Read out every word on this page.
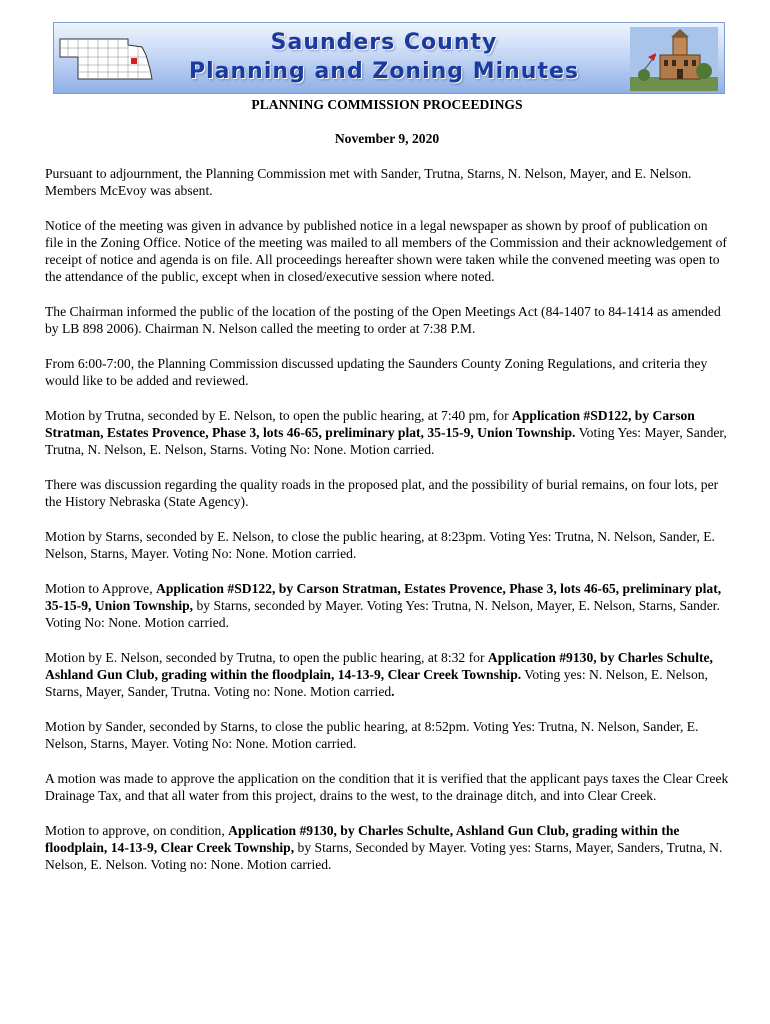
Saunders County
Planning and Zoning Minutes

PLANNING COMMISSION PROCEEDINGS

November 9, 2020

Pursuant to adjournment, the Planning Commission met with Sander, Trutna, Starns, N. Nelson, Mayer, and E. Nelson. Members McEvoy was absent.

Notice of the meeting was given in advance by published notice in a legal newspaper as shown by proof of publication on file in the Zoning Office. Notice of the meeting was mailed to all members of the Commission and their acknowledgement of receipt of notice and agenda is on file. All proceedings hereafter shown were taken while the convened meeting was open to the attendance of the public, except when in closed/executive session where noted.

The Chairman informed the public of the location of the posting of the Open Meetings Act (84-1407 to 84-1414 as amended by LB 898 2006). Chairman N. Nelson called the meeting to order at 7:38 P.M.

From 6:00-7:00, the Planning Commission discussed updating the Saunders County Zoning Regulations, and criteria they would like to be added and reviewed.

Motion by Trutna, seconded by E. Nelson, to open the public hearing, at 7:40 pm, for Application #SD122, by Carson Stratman, Estates Provence, Phase 3, lots 46-65, preliminary plat, 35-15-9, Union Township. Voting Yes: Mayer, Sander, Trutna, N. Nelson, E. Nelson, Starns. Voting No: None. Motion carried.

There was discussion regarding the quality roads in the proposed plat, and the possibility of burial remains, on four lots, per the History Nebraska (State Agency).

Motion by Starns, seconded by E. Nelson, to close the public hearing, at 8:23pm. Voting Yes: Trutna, N. Nelson, Sander, E. Nelson, Starns, Mayer. Voting No: None. Motion carried.

Motion to Approve, Application #SD122, by Carson Stratman, Estates Provence, Phase 3, lots 46-65, preliminary plat, 35-15-9, Union Township, by Starns, seconded by Mayer. Voting Yes: Trutna, N. Nelson, Mayer, E. Nelson, Starns, Sander. Voting No: None. Motion carried.

Motion by E. Nelson, seconded by Trutna, to open the public hearing, at 8:32 for Application #9130, by Charles Schulte, Ashland Gun Club, grading within the floodplain, 14-13-9, Clear Creek Township. Voting yes: N. Nelson, E. Nelson, Starns, Mayer, Sander, Trutna. Voting no: None. Motion carried.

Motion by Sander, seconded by Starns, to close the public hearing, at 8:52pm. Voting Yes: Trutna, N. Nelson, Sander, E. Nelson, Starns, Mayer. Voting No: None. Motion carried.

A motion was made to approve the application on the condition that it is verified that the applicant pays taxes the Clear Creek Drainage Tax, and that all water from this project, drains to the west, to the drainage ditch, and into Clear Creek.

Motion to approve, on condition, Application #9130, by Charles Schulte, Ashland Gun Club, grading within the floodplain, 14-13-9, Clear Creek Township, by Starns, Seconded by Mayer. Voting yes: Starns, Mayer, Sanders, Trutna, N. Nelson, E. Nelson. Voting no: None. Motion carried.
